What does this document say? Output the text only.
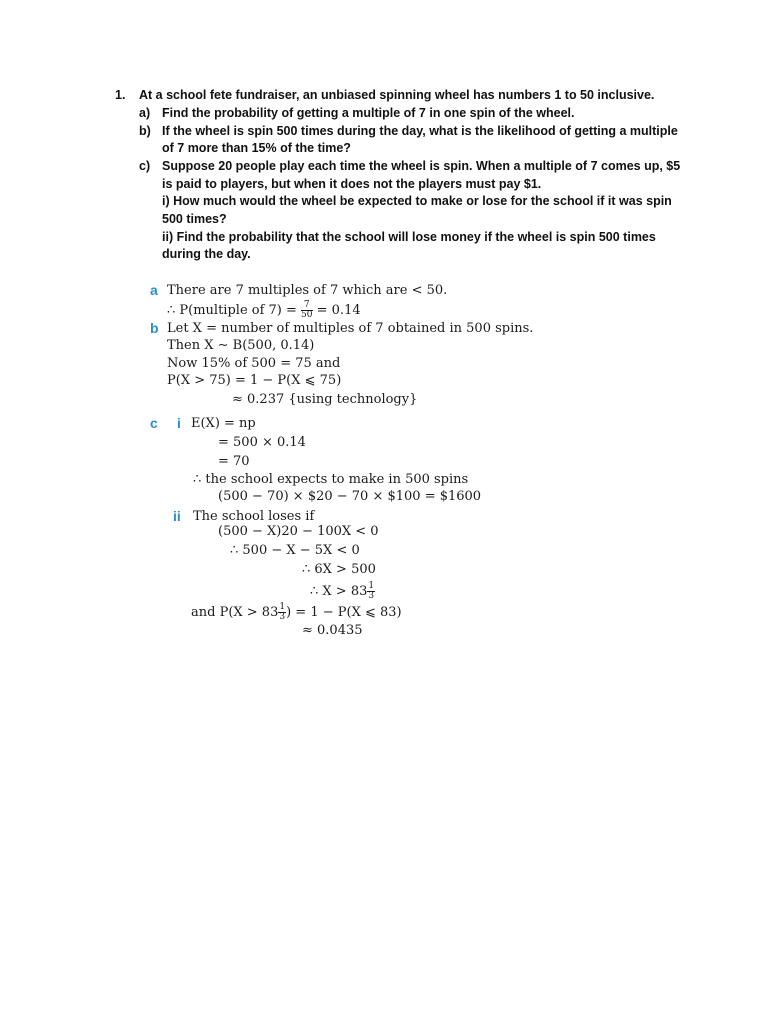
1. At a school fete fundraiser, an unbiased spinning wheel has numbers 1 to 50 inclusive.
a) Find the probability of getting a multiple of 7 in one spin of the wheel.
b) If the wheel is spin 500 times during the day, what is the likelihood of getting a multiple
of 7 more than 15% of the time?
c) Suppose 20 people play each time the wheel is spin. When a multiple of 7 comes up, $5
is paid to players, but when it does not the players must pay $1.
i) How much would the wheel be expected to make or lose for the school if it was spin
500 times?
ii) Find the probability that the school will lose money if the wheel is spin 500 times
during the day.
a There are 7 multiples of 7 which are < 50.
∴ P(multiple of $7) = \frac{7}{50} = 0.14$
b Let X = number of multiples of 7 obtained in 500 spins.
Then X ∼ B(500, 0.14)
Now 15% of 500 = 75 and
P(X > 75) = 1 − P(X ⩽ 75)
≈ 0.237 {using technology}
c i E(X) = np
= 500 × 0.14
= 70
∴ the school expects to make in 500 spins
(500 − 70) × $20 − 70 × $100 = $1600
ii The school loses if
(500 − X)20 − 100X < 0
∴ 500 − X − 5X < 0
∴ 6X > 500
∴ $X > 83 \frac{1}{3}$
and $P(X > 83 \frac{1}{3}$ ) = 1 − P(X ⩽ 83)
≈ 0.0435
